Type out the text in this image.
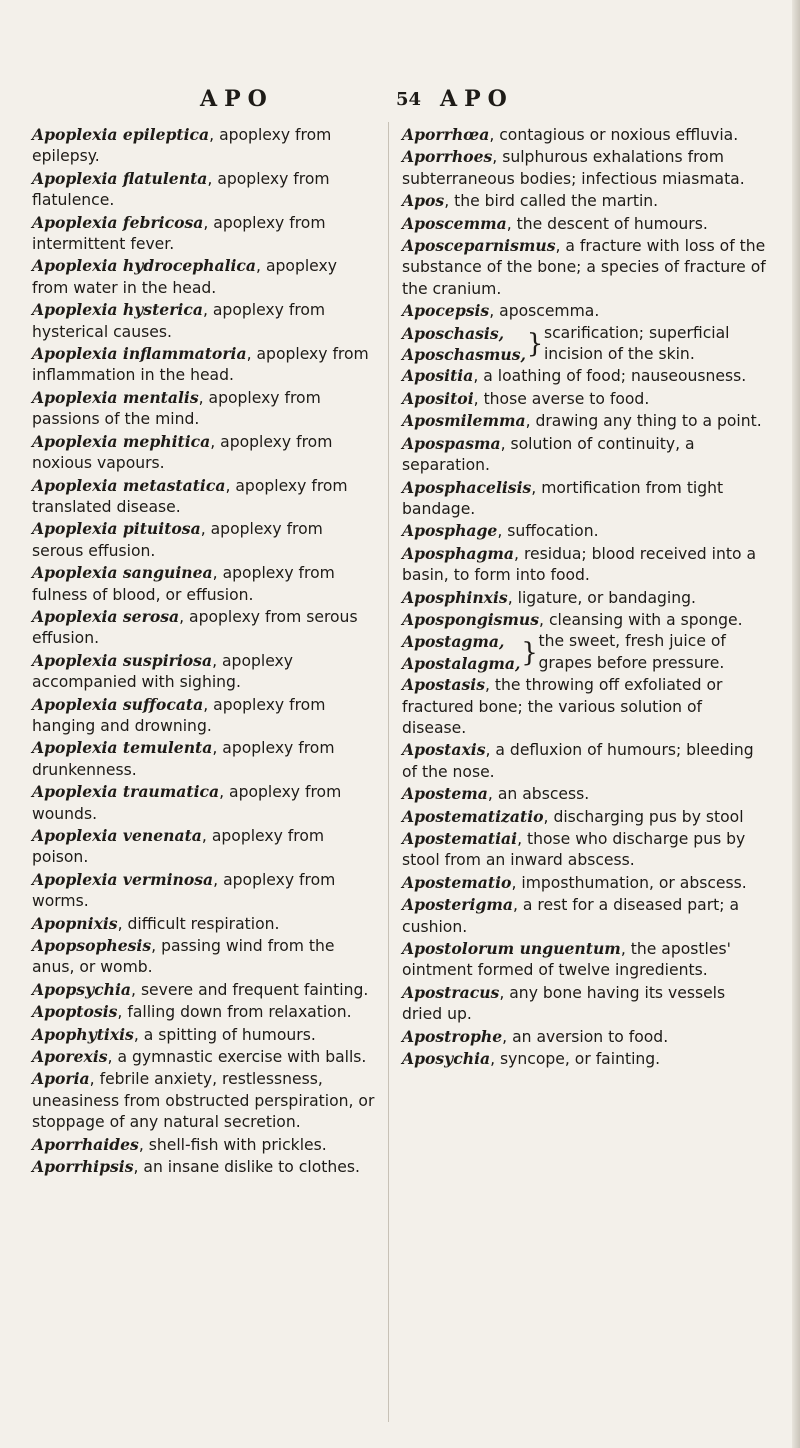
APO	54 APO

Apoplexia epileptica, apoplexy from epilepsy.

Apoplexia flatulenta, apoplexy from flatulence.

Apoplexia febricosa, apoplexy from intermittent fever.

Apoplexia hydrocephalica, apoplexy from water in the head.

Apoplexia hysterica, apoplexy from hysterical causes.

Apoplexia inflammatoria, apoplexy from inflammation in the head.

Apoplexia mentalis, apoplexy from passions of the mind.

Apoplexia mephitica, apoplexy from noxious vapours.

Apoplexia metastatica, apoplexy from translated disease.

Apoplexia pituitosa, apoplexy from serous effusion.

Apoplexia sanguinea, apoplexy from fulness of blood, or effusion.

Apoplexia serosa, apoplexy from serous effusion.

Apoplexia suspiriosa, apoplexy accompanied with sighing.

Apoplexia suffocata, apoplexy from hanging and drowning.

Apoplexia temulenta, apoplexy from drunkenness.

Apoplexia traumatica, apoplexy from wounds.

Apoplexia venenata, apoplexy from poison.

Apoplexia verminosa, apoplexy from worms.

Apopnixis, difficult respiration.

Apopsophesis, passing wind from the anus, or womb.

Apopsychia, severe and frequent fainting.

Apoptosis, falling down from relaxation.

Apophytixis, a spitting of humours.

Aporexis, a gymnastic exercise with balls.

Aporia, febrile anxiety, restlessness, uneasiness from obstructed perspiration, or stoppage of any natural secretion.

Aporrhaides, shell-fish with prickles.

Aporrhipsis, an insane dislike to clothes.

Aporrhœa, contagious or noxious effluvia.

Aporrhoes, sulphurous exhalations from subterraneous bodies; infectious miasmata.

Apos, the bird called the martin.

Aposcemma, the descent of humours.

Aposceparnismus, a fracture with loss of the substance of the bone; a species of fracture of the cranium.

Apocepsis, aposcemma.

Aposchasis,
Aposchasmus, } scarification; superficial incision of the skin.

Apositia, a loathing of food; nauseousness.

Apositoi, those averse to food.

Aposmilemma, drawing any thing to a point.

Apospasma, solution of continuity, a separation.

Aposphacelisis, mortification from tight bandage.

Aposphage, suffocation.

Aposphagma, residua; blood received into a basin, to form into food.

Aposphinxis, ligature, or bandaging.

Apospongismus, cleansing with a sponge.

Apostagma,
Apostalagma, } the sweet, fresh juice of grapes before pressure.

Apostasis, the throwing off exfoliated or fractured bone; the various solution of disease.

Apostaxis, a defluxion of humours; bleeding of the nose.

Apostema, an abscess.

Apostematizatio, discharging pus by stool

Apostematiai, those who discharge pus by stool from an inward abscess.

Apostematio, imposthumation, or abscess.

Aposterigma, a rest for a diseased part; a cushion.

Apostolorum unguentum, the apostles' ointment formed of twelve ingredients.

Apostracus, any bone having its vessels dried up.

Apostrophe, an aversion to food.

Aposychia, syncope, or fainting.
